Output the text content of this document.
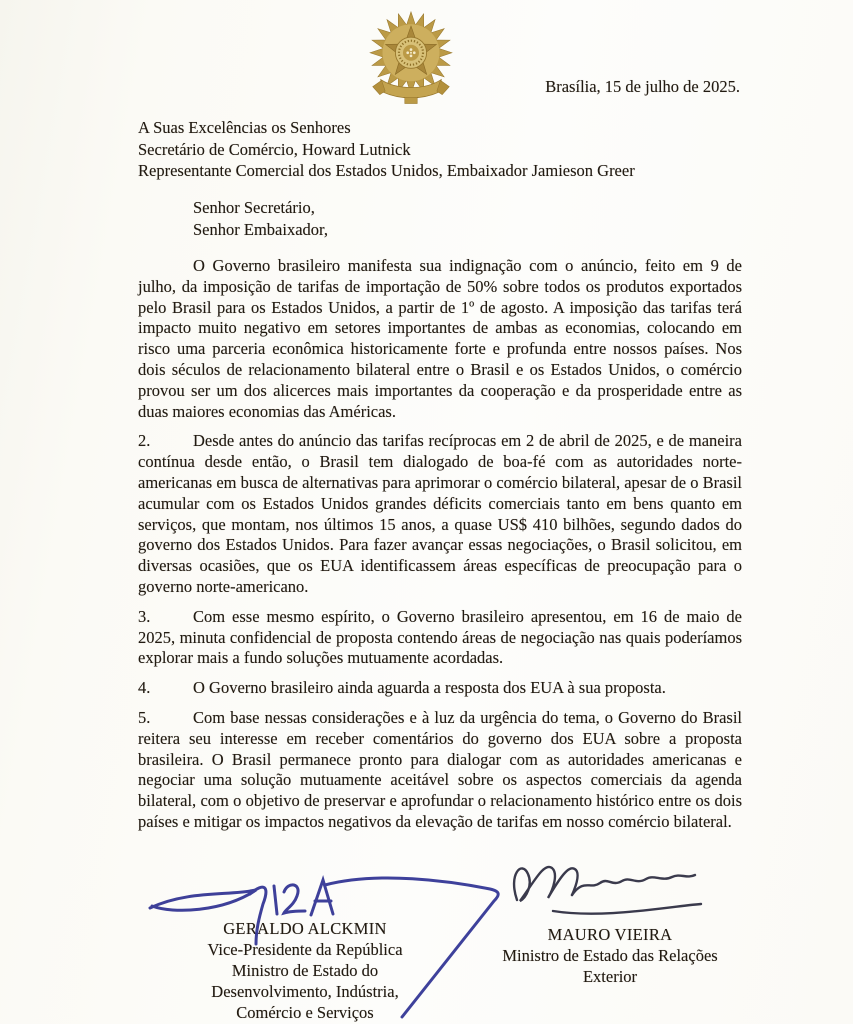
Brasília, 15 de julho de 2025.
A Suas Excelências os Senhores
Secretário de Comércio, Howard Lutnick
Representante Comercial dos Estados Unidos, Embaixador Jamieson Greer
Senhor Secretário,
Senhor Embaixador,

O Governo brasileiro manifesta sua indignação com o anúncio, feito em 9 de julho, da imposição de tarifas de importação de 50% sobre todos os produtos exportados pelo Brasil para os Estados Unidos, a partir de 1º de agosto. A imposição das tarifas terá impacto muito negativo em setores importantes de ambas as economias, colocando em risco uma parceria econômica historicamente forte e profunda entre nossos países. Nos dois séculos de relacionamento bilateral entre o Brasil e os Estados Unidos, o comércio provou ser um dos alicerces mais importantes da cooperação e da prosperidade entre as duas maiores economias das Américas.

2.	Desde antes do anúncio das tarifas recíprocas em 2 de abril de 2025, e de maneira contínua desde então, o Brasil tem dialogado de boa-fé com as autoridades norte-americanas em busca de alternativas para aprimorar o comércio bilateral, apesar de o Brasil acumular com os Estados Unidos grandes déficits comerciais tanto em bens quanto em serviços, que montam, nos últimos 15 anos, a quase US$ 410 bilhões, segundo dados do governo dos Estados Unidos. Para fazer avançar essas negociações, o Brasil solicitou, em diversas ocasiões, que os EUA identificassem áreas específicas de preocupação para o governo norte-americano.

3.	Com esse mesmo espírito, o Governo brasileiro apresentou, em 16 de maio de 2025, minuta confidencial de proposta contendo áreas de negociação nas quais poderíamos explorar mais a fundo soluções mutuamente acordadas.

4.	O Governo brasileiro ainda aguarda a resposta dos EUA à sua proposta.

5.	Com base nessas considerações e à luz da urgência do tema, o Governo do Brasil reitera seu interesse em receber comentários do governo dos EUA sobre a proposta brasileira. O Brasil permanece pronto para dialogar com as autoridades americanas e negociar uma solução mutuamente aceitável sobre os aspectos comerciais da agenda bilateral, com o objetivo de preservar e aprofundar o relacionamento histórico entre os dois países e mitigar os impactos negativos da elevação de tarifas em nosso comércio bilateral.

GERALDO ALCKMIN
Vice-Presidente da República
Ministro de Estado do
Desenvolvimento, Indústria,
Comércio e Serviços
MAURO VIEIRA
Ministro de Estado das Relações
Exterior
